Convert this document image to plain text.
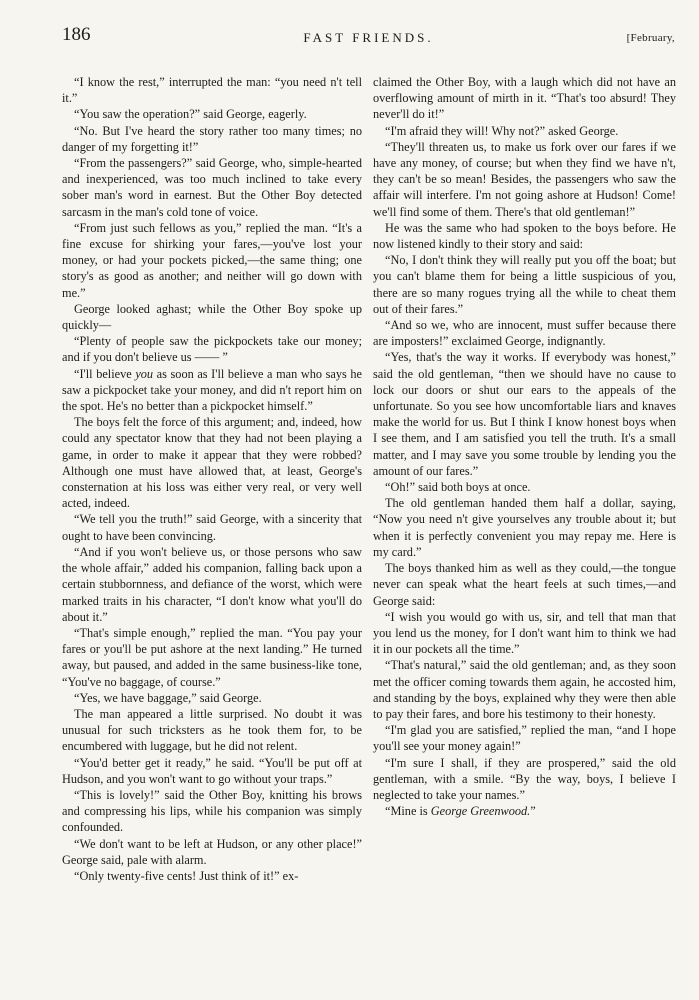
186	FAST FRIENDS.	[February,

“I know the rest,” interrupted the man: “you need n't tell it.”

“You saw the operation?” said George, eagerly.

“No. But I've heard the story rather too many times; no danger of my forgetting it!”

“From the passengers?” said George, who, simple-hearted and inexperienced, was too much inclined to take every sober man's word in earnest. But the Other Boy detected sarcasm in the man's cold tone of voice.

“From just such fellows as you,” replied the man. “It's a fine excuse for shirking your fares,—you've lost your money, or had your pockets picked,—the same thing; one story's as good as another; and neither will go down with me.”

George looked aghast; while the Other Boy spoke up quickly—

“Plenty of people saw the pickpockets take our money; and if you don't believe us —— ”

“I'll believe you as soon as I'll believe a man who says he saw a pickpocket take your money, and did n't report him on the spot. He's no better than a pickpocket himself.”

The boys felt the force of this argument; and, indeed, how could any spectator know that they had not been playing a game, in order to make it appear that they were robbed? Although one must have allowed that, at least, George's consternation at his loss was either very real, or very well acted, indeed.

“We tell you the truth!” said George, with a sincerity that ought to have been convincing.

“And if you won't believe us, or those persons who saw the whole affair,” added his companion, falling back upon a certain stubbornness, and defiance of the worst, which were marked traits in his character, “I don't know what you'll do about it.”

“That's simple enough,” replied the man. “You pay your fares or you'll be put ashore at the next landing.” He turned away, but paused, and added in the same business-like tone, “You've no baggage, of course.”

“Yes, we have baggage,” said George.

The man appeared a little surprised. No doubt it was unusual for such tricksters as he took them for, to be encumbered with luggage, but he did not relent.

“You'd better get it ready,” he said. “You'll be put off at Hudson, and you won't want to go without your traps.”

“This is lovely!” said the Other Boy, knitting his brows and compressing his lips, while his companion was simply confounded.

“We don't want to be left at Hudson, or any other place!” George said, pale with alarm.

“Only twenty-five cents! Just think of it!” ex-

claimed the Other Boy, with a laugh which did not have an overflowing amount of mirth in it. “That's too absurd! They never'll do it!”

“I'm afraid they will! Why not?” asked George.

“They'll threaten us, to make us fork over our fares if we have any money, of course; but when they find we have n't, they can't be so mean! Besides, the passengers who saw the affair will interfere. I'm not going ashore at Hudson! Come! we'll find some of them. There's that old gentleman!”

He was the same who had spoken to the boys before. He now listened kindly to their story and said:

“No, I don't think they will really put you off the boat; but you can't blame them for being a little suspicious of you, there are so many rogues trying all the while to cheat them out of their fares.”

“And so we, who are innocent, must suffer because there are imposters!” exclaimed George, indignantly.

“Yes, that's the way it works. If everybody was honest,” said the old gentleman, “then we should have no cause to lock our doors or shut our ears to the appeals of the unfortunate. So you see how uncomfortable liars and knaves make the world for us. But I think I know honest boys when I see them, and I am satisfied you tell the truth. It's a small matter, and I may save you some trouble by lending you the amount of our fares.”

“Oh!” said both boys at once.

The old gentleman handed them half a dollar, saying, “Now you need n't give yourselves any trouble about it; but when it is perfectly convenient you may repay me. Here is my card.”

The boys thanked him as well as they could,—the tongue never can speak what the heart feels at such times,—and George said:

“I wish you would go with us, sir, and tell that man that you lend us the money, for I don't want him to think we had it in our pockets all the time.”

“That's natural,” said the old gentleman; and, as they soon met the officer coming towards them again, he accosted him, and standing by the boys, explained why they were then able to pay their fares, and bore his testimony to their honesty.

“I'm glad you are satisfied,” replied the man, “and I hope you'll see your money again!”

“I'm sure I shall, if they are prospered,” said the old gentleman, with a smile. “By the way, boys, I believe I neglected to take your names.”

“Mine is George Greenwood.”
